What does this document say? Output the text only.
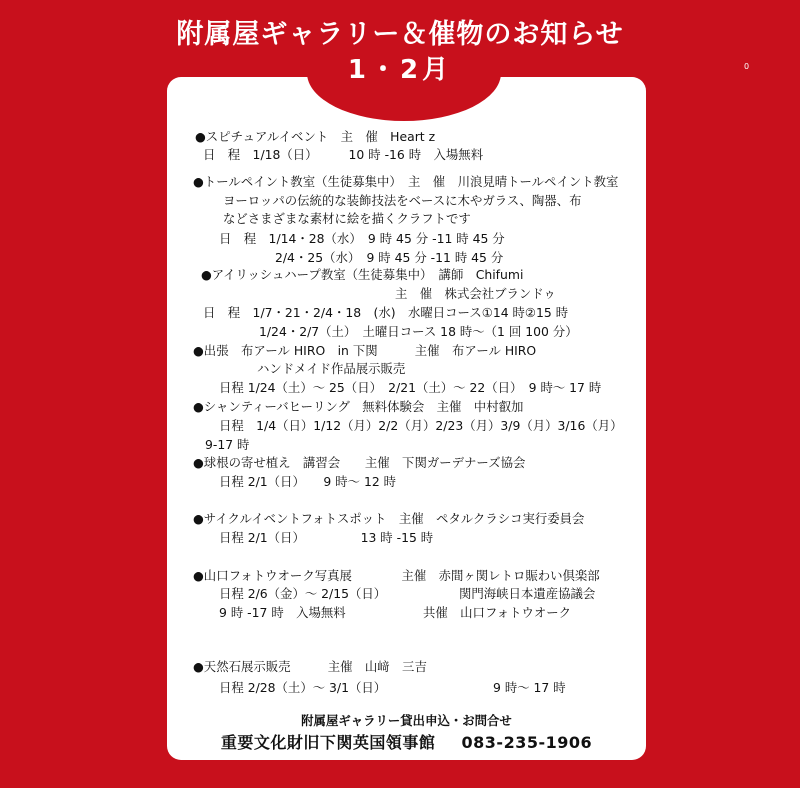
附属屋ギャラリー＆催物のお知らせ
1・2月	0
●スピチュアルイベント　主　催　Heart z
日　程　1/18（日）　　　10 時 -16 時　入場無料
●トールペイント教室（生徒募集中）　主　催　川浪見晴トールペイント教室
ヨーロッパの伝統的な装飾技法をベースに木やガラス、陶器、布
などさまざまな素材に絵を描くクラフトです
日　程　1/14・28（水）　9 時 45 分 -11 時 45 分
2/4・25（水）　9 時 45 分 -11 時 45 分
●アイリッシュハープ教室（生徒募集中）　講師　Chifumi
主　催　株式会社ブランドゥ
日　程　1/7・21・2/4・18　(水)　水曜日コース①14 時②15 時
1/24・2/7（土）　土曜日コース 18 時～（1 回 100 分）
●出張　布アール HIRO　in 下関　　　主催　布アール HIRO
ハンドメイド作品展示販売
日程 1/24（土）～ 25（日）　2/21（土）～ 22（日）　9 時～ 17 時
●シャンティーバヒーリング　無料体験会　主催　中村叡加
日程　1/4（日）1/12（月）2/2（月）2/23（月）3/9（月）3/16（月）
9-17 時
●球根の寄せ植え　講習会　　主催　下関ガーデナーズ協会
日程 2/1（日）　　9 時～ 12 時
●サイクルイベントフォトスポット　主催　ペタルクラシコ実行委員会
日程 2/1（日）　　　　　13 時 -15 時
●山口フォトウオーク写真展　　　　主催　赤間ヶ関レトロ賑わい倶楽部
日程 2/6（金）～ 2/15（日）	関門海峡日本遺産協議会
9 時 -17 時　入場無料	共催　山口フォトウオーク
●天然石展示販売　　　主催　山﨑　三吉
日程 2/28（土）～ 3/1（日）	9 時～ 17 時
附属屋ギャラリー貸出申込・お問合せ
重要文化財旧下関英国領事館 083-235-1906
